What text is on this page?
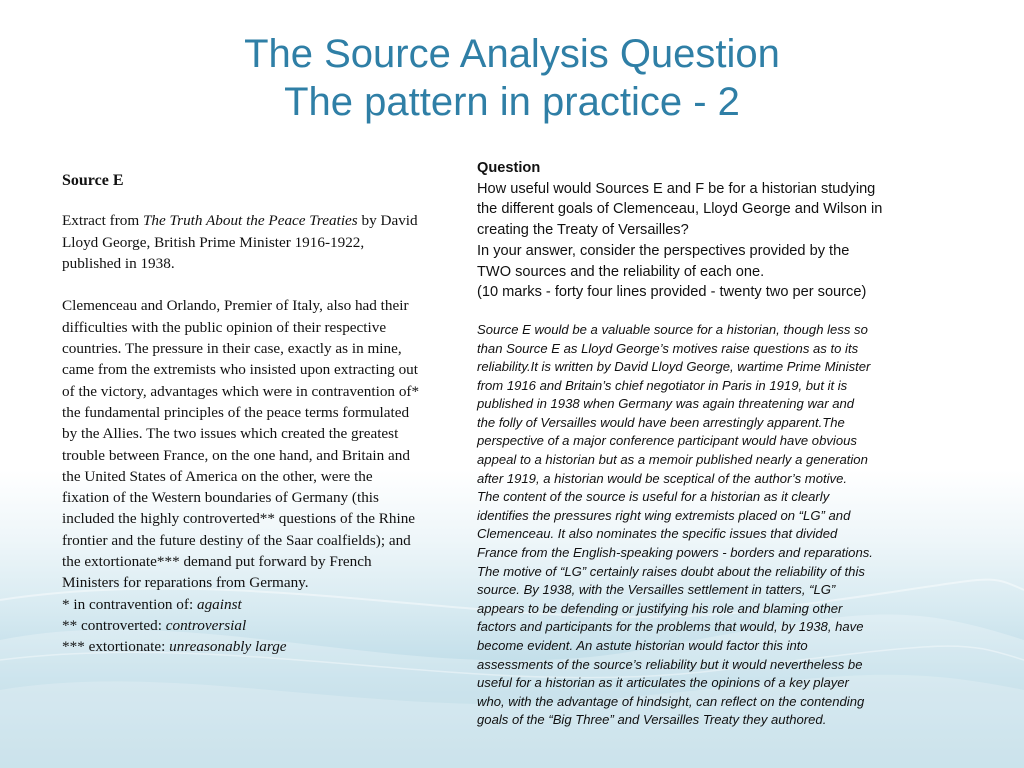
The Source Analysis Question
The pattern in practice - 2
Source E

Extract from The Truth About the Peace Treaties by David Lloyd George, British Prime Minister 1916-1922, published in 1938.

Clemenceau and Orlando, Premier of Italy, also had their difficulties with the public opinion of their respective countries. The pressure in their case, exactly as in mine, came from the extremists who insisted upon extracting out of the victory, advantages which were in contravention of* the fundamental principles of the peace terms formulated by the Allies. The two issues which created the greatest trouble between France, on the one hand, and Britain and the United States of America on the other, were the fixation of the Western boundaries of Germany (this included the highly controverted** questions of the Rhine frontier and the future destiny of the Saar coalfields); and the extortionate*** demand put forward by French Ministers for reparations from Germany.

* in contravention of: against

** controverted: controversial

*** extortionate: unreasonably large

Question
How useful would Sources E and F be for a historian studying
the different goals of Clemenceau, Lloyd George and Wilson in
creating the Treaty of Versailles?
In your answer, consider the perspectives provided by the
TWO sources and the reliability of each one.
(10 marks - forty four lines provided - twenty two per source)
Source E would be a valuable source for a historian, though less so
than Source E as Lloyd George’s motives raise questions as to its
reliability.It is written by David Lloyd George, wartime Prime Minister
from 1916 and Britain’s chief negotiator in Paris in 1919, but it is
published in 1938 when Germany was again threatening war and
the folly of Versailles would have been arrestingly apparent.The
perspective of a major conference participant would have obvious
appeal to a historian but as a memoir published nearly a generation
after 1919, a historian would be sceptical of the author’s motive.
The content of the source is useful for a historian as it clearly
identifies the pressures right wing extremists placed on “LG” and
Clemenceau. It also nominates the specific issues that divided
France from the English-speaking powers - borders and reparations.
The motive of “LG” certainly raises doubt about the reliability of this
source. By 1938, with the Versailles settlement in tatters, “LG”
appears to be defending or justifying his role and blaming other
factors and participants for the problems that would, by 1938, have
become evident. An astute historian would factor this into
assessments of the source’s reliability but it would nevertheless be
useful for a historian as it articulates the opinions of a key player
who, with the advantage of hindsight, can reflect on the contending
goals of the “Big Three” and Versailles Treaty they authored.
